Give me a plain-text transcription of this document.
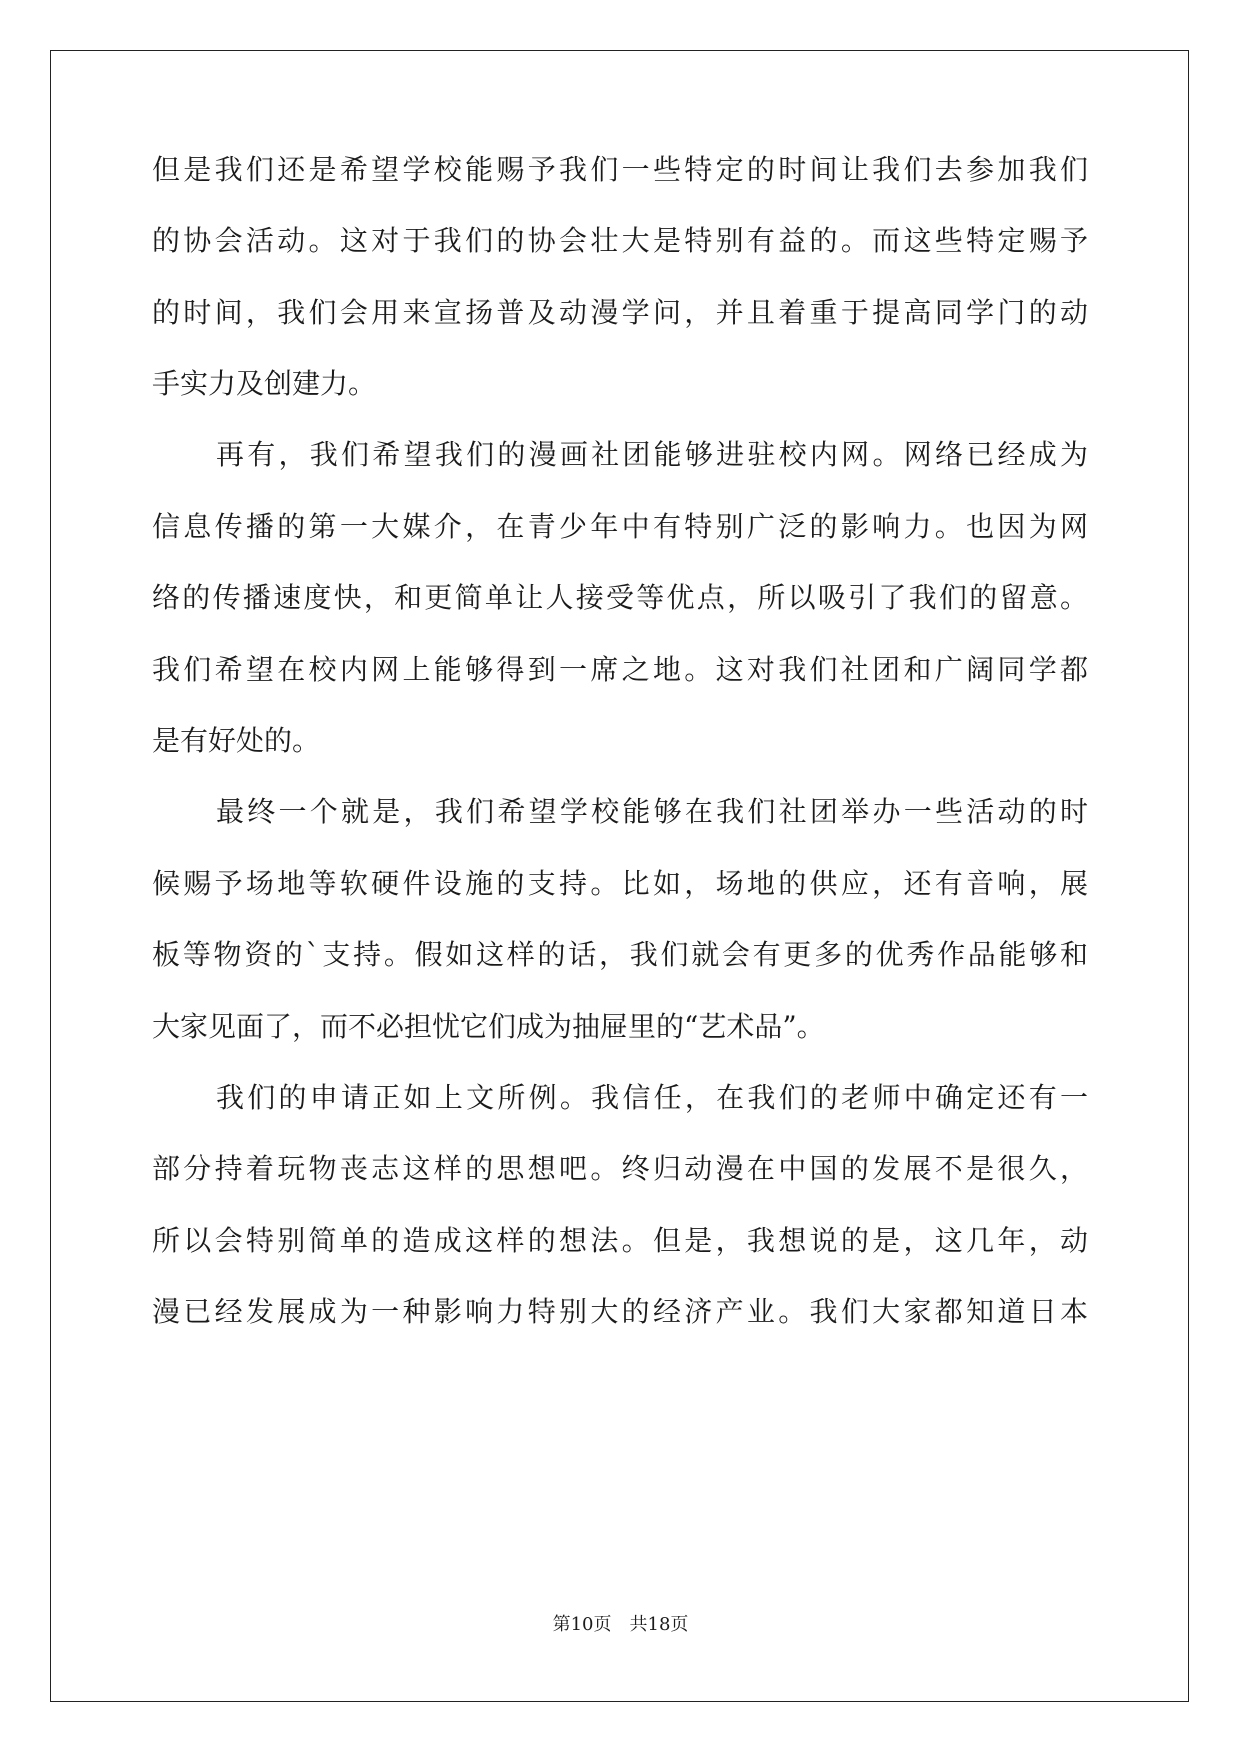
但是我们还是希望学校能赐予我们一些特定的时间让我们去参加我们
的协会活动。这对于我们的协会壮大是特别有益的。而这些特定赐予
的时间，我们会用来宣扬普及动漫学问，并且着重于提高同学门的动
手实力及创建力。
再有，我们希望我们的漫画社团能够进驻校内网。网络已经成为
信息传播的第一大媒介，在青少年中有特别广泛的影响力。也因为网
络的传播速度快，和更简单让人接受等优点，所以吸引了我们的留意。
我们希望在校内网上能够得到一席之地。这对我们社团和广阔同学都
是有好处的。
最终一个就是，我们希望学校能够在我们社团举办一些活动的时
候赐予场地等软硬件设施的支持。比如，场地的供应，还有音响，展
板等物资的`支持。假如这样的话，我们就会有更多的优秀作品能够和
大家见面了，而不必担忧它们成为抽屉里的“艺术品”。
我们的申请正如上文所例。我信任，在我们的老师中确定还有一
部分持着玩物丧志这样的思想吧。终归动漫在中国的发展不是很久，
所以会特别简单的造成这样的想法。但是，我想说的是，这几年，动
漫已经发展成为一种影响力特别大的经济产业。我们大家都知道日本
第10页　共18页
